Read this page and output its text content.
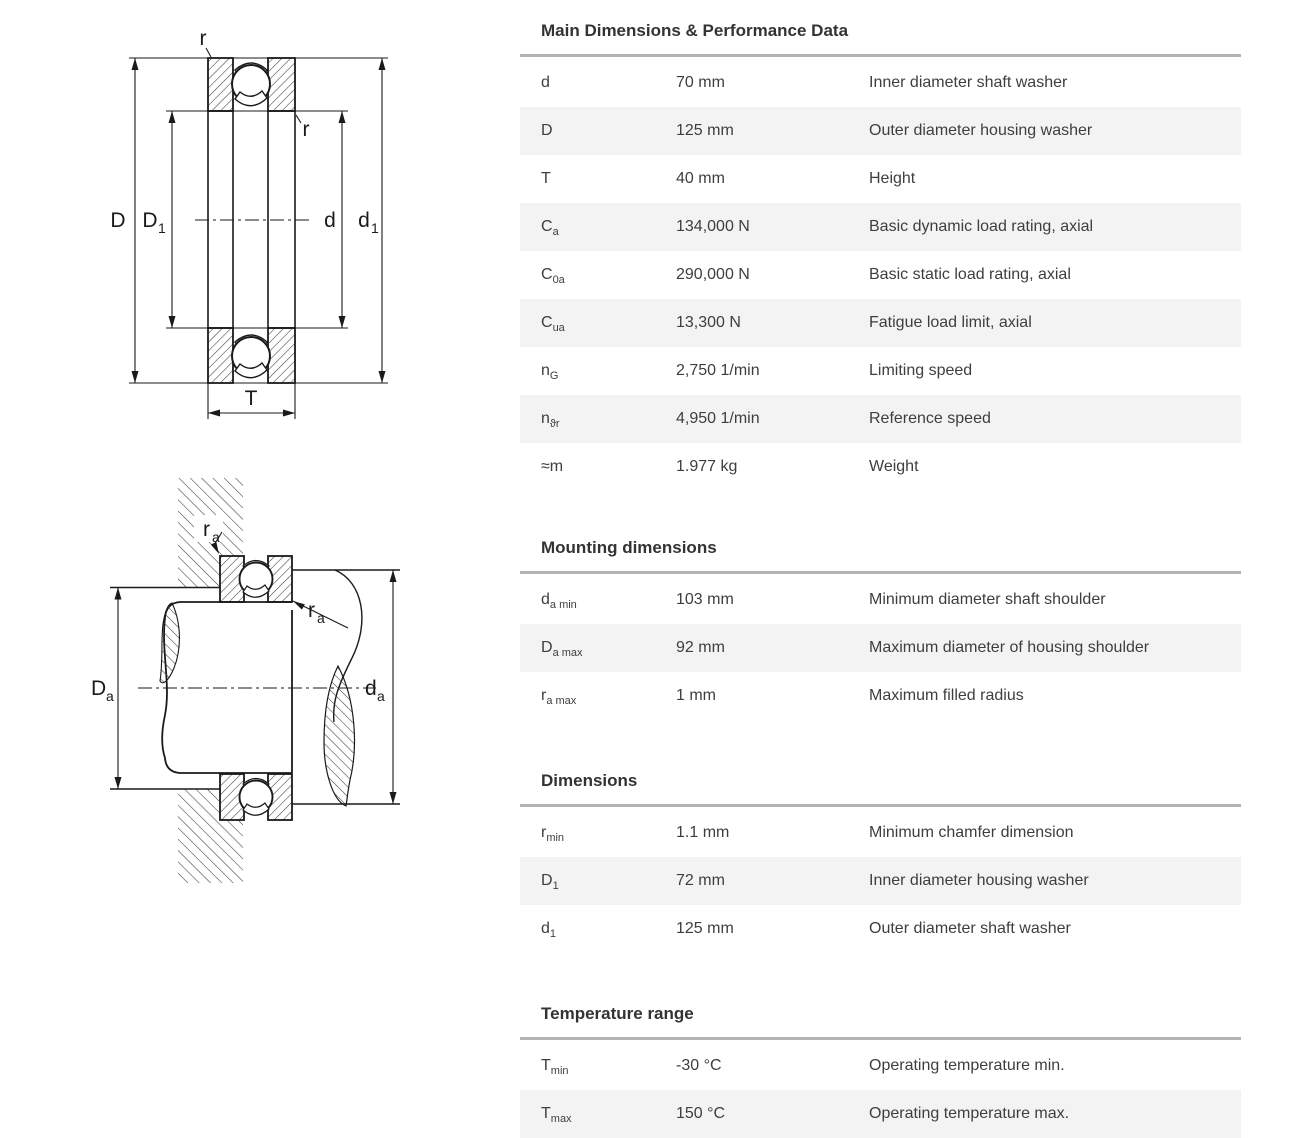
r
r
D D 1	d d 1
T
r a
r a
D a	d a
Main Dimensions & Performance Data
d	70 mm	Inner diameter shaft washer
D	125 mm	Outer diameter housing washer
T	40 mm	Height
$C_a$	134,000 N	Basic dynamic load rating, axial
$C_{0a}$	290,000 N	Basic static load rating, axial
$C_{ua}$	13,300 N	Fatigue load limit, axial
$n_G$	2,750 1/min	Limiting speed
$n_{ϑr}$	4,950 1/min	Reference speed
≈m	1.977 kg	Weight
Mounting dimensions
$d_{a min}$	103 mm	Minimum diameter shaft shoulder
$D_{a max}$	92 mm	Maximum diameter of housing shoulder
$r_{a max}$	1 mm	Maximum filled radius
Dimensions
$r_{min}$	1.1 mm	Minimum chamfer dimension
$D_1$	72 mm	Inner diameter housing washer
$d_1$	125 mm	Outer diameter shaft washer
Temperature range
$T_{min}$	-30 °C	Operating temperature min.
$T_{max}$	150 °C	Operating temperature max.
